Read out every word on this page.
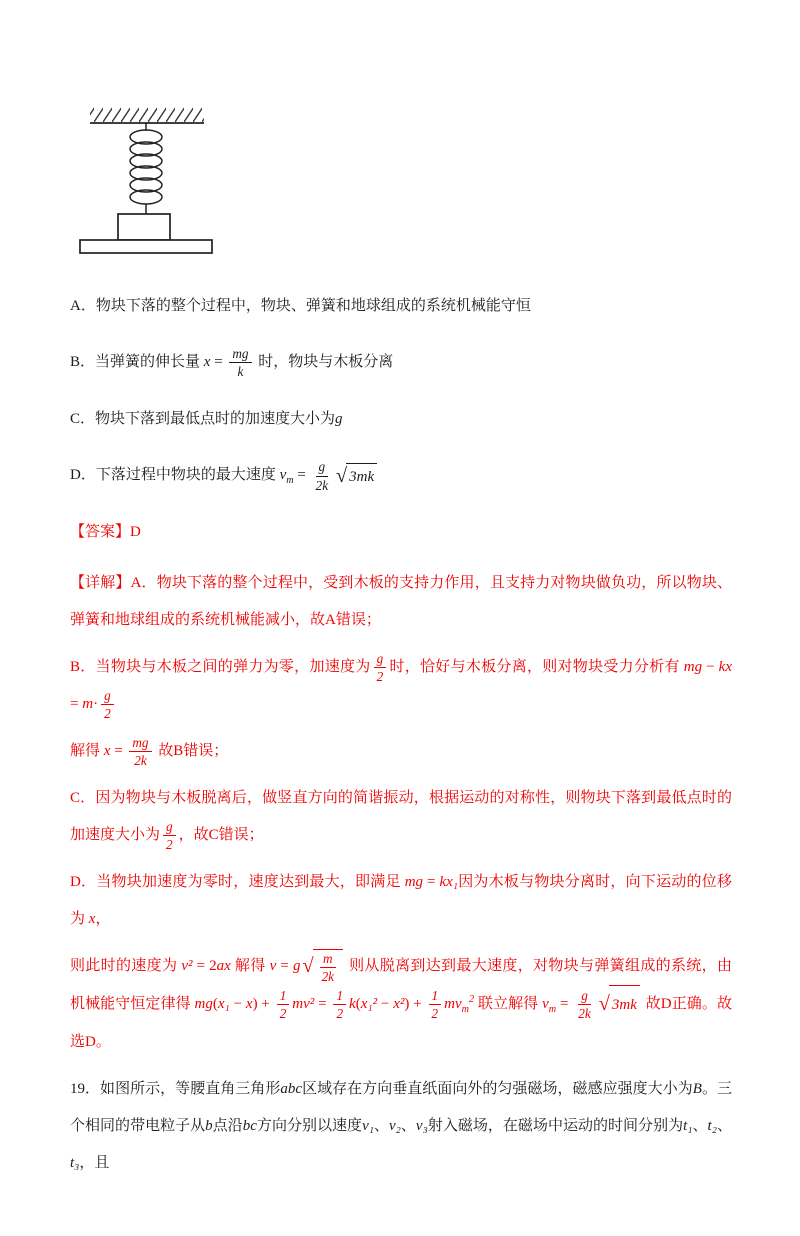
A．物块下落的整个过程中，物块、弹簧和地球组成的系统机械能守恒

B．当弹簧的伸长量 $x = \frac{mg}{k}$ 时，物块与木板分离

C．物块下落到最低点时的加速度大小为g

D．下落过程中物块的最大速度 $v_m = \frac{g}{2k}$ √ 3mk

【答案】D

【详解】A．物块下落的整个过程中，受到木板的支持力作用，且支持力对物块做负功，所以物块、弹簧和地球组成的系统机械能减小，故A错误；

B．当物块与木板之间的弹力为零，加速度为 $\frac{g}{2}$ 时，恰好与木板分离，则对物块受力分析有 mg − kx = $m\cdot \frac{g}{2}$

解得 $x = \frac{mg}{2k}$ 故B错误；

C．因为物块与木板脱离后，做竖直方向的简谐振动，根据运动的对称性，则物块下落到最低点时的加速度大小为 $\frac{g}{2}$ ，故C错误；

D．当物块加速度为零时，速度达到最大，即满足 mg = kx₁因为木板与物块分离时，向下运动的位移为 x，

则此时的速度为 v² = 2ax 解得 v = g √ $\frac{m}{2k}$ 则从脱离到达到最大速度，对物块与弹簧组成的系统，由机械能守恒定律得 $mg(x_1 - x) + \frac{1}{2} mv^2 = \frac{1}{2} k(x_1^2 - x^2) + \frac{1}{2} mv_m^2$ 联立解得 $v_m = \frac{g}{2k}$ √ 3mk 故D正确。故选D。

19．如图所示，等腰直角三角形abc区域存在方向垂直纸面向外的匀强磁场，磁感应强度大小为B。三个相同的带电粒子从b点沿bc方向分别以速度v₁、v₂、v₃射入磁场，在磁场中运动的时间分别为t₁、t₂、t₃，且
